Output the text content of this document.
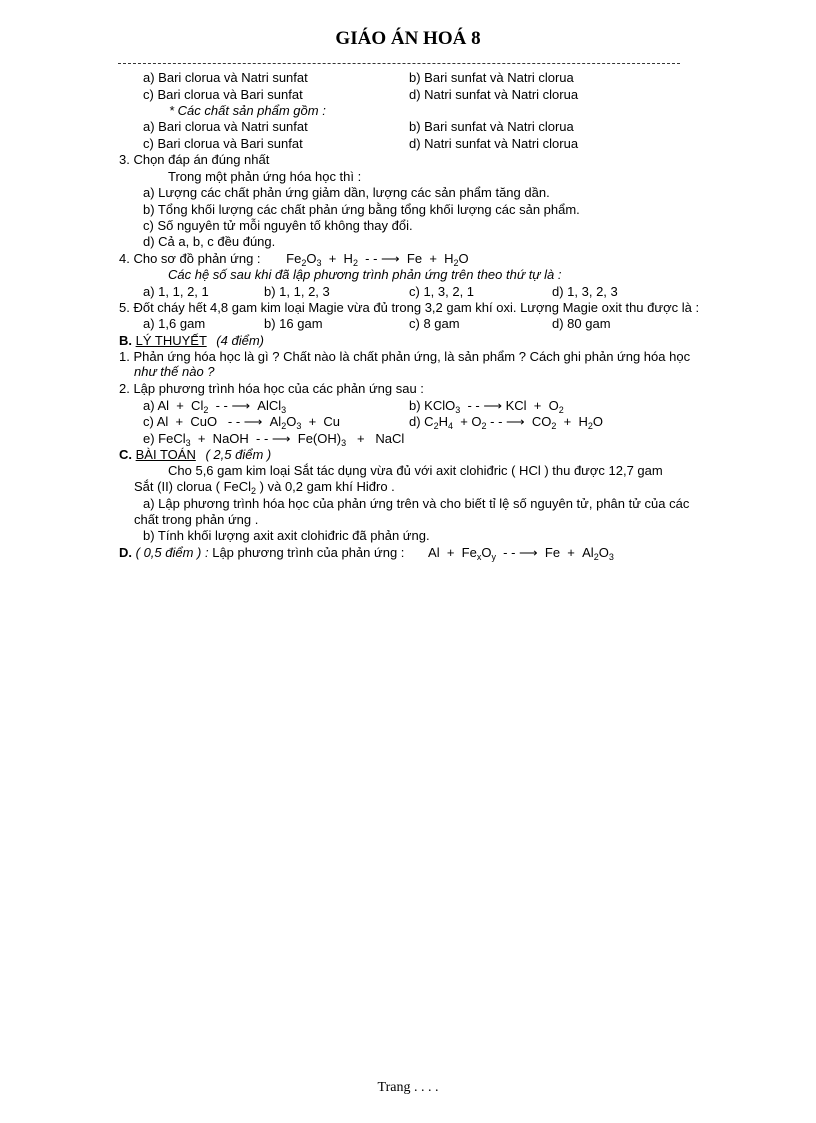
GIÁO ÁN HOÁ 8
a) Bari clorua và Natri sunfat	b) Bari sunfat và Natri clorua
c) Bari clorua và Bari sunfat	d) Natri sunfat và Natri clorua
* Các chất sản phẩm gồm :
a) Bari clorua và Natri sunfat	b) Bari sunfat và Natri clorua
c) Bari clorua và Bari sunfat	d) Natri sunfat và Natri clorua
3. Chọn đáp án đúng nhất
Trong một phản ứng hóa học thì :
a) Lượng các chất phản ứng giảm dần, lượng các sản phẩm tăng dần.
b) Tổng khối lượng các chất phản ứng bằng tổng khối lượng các sản phẩm.
c) Số nguyên tử mỗi nguyên tố không thay đổi.
d) Cả a, b, c đều đúng.
4. Cho sơ đồ phản ứng : $Fe_2O_3 + H_2$  - - ⟶  $Fe + H_2O$
Các hệ số sau khi đã lập phương trình phản ứng trên theo thứ tự là :
a) 1, 1, 2, 1	b) 1, 1, 2, 3	c) 1, 3, 2, 1	d) 1, 3, 2, 3
5. Đốt cháy hết 4,8 gam kim loại Magie vừa đủ trong 3,2 gam khí oxi. Lượng Magie oxit thu được là :
a) 1,6 gam	b) 16 gam	c) 8 gam	d) 80 gam
B. LÝ THUYẾT (4 điểm)
1. Phản ứng hóa học là gì ? Chất nào là chất phản ứng, là sản phẩm ? Cách ghi phản ứng hóa học
như thế nào ?
2. Lập phương trình hóa học của các phản ứng sau :
a) $Al + Cl_2$  - - ⟶  AlCl$_3$	b) KClO$_3$  - - ⟶ KCl  +  $O_2$
c) Al  +  CuO   - - ⟶  $Al_2O_3 + Cu$	d) $C_2H_4 + O_2$ - - ⟶  $CO_2 + H_2O$
e) FeCl$_3$  +  NaOH  - - ⟶  $Fe(OH)_3$   +   NaCl
C. BÀI TOÁN ( 2,5 điểm )
Cho 5,6 gam kim loại Sắt tác dụng vừa đủ với axit clohiđric ( HCl ) thu được 12,7 gam
Sắt (II) clorua ( FeCl$_2$ ) và 0,2 gam khí Hiđro .
a) Lập phương trình hóa học của phản ứng trên và cho biết tỉ lệ số nguyên tử, phân tử của các
chất trong phản ứng .
b) Tính khối lượng axit axit clohiđric đã phản ứng.
D. ( 0,5 điểm ) : Lập phương trình của phản ứng : $Al + Fe_xO_y$  - - ⟶  $Fe + Al_2O_3$
Trang . . . .
